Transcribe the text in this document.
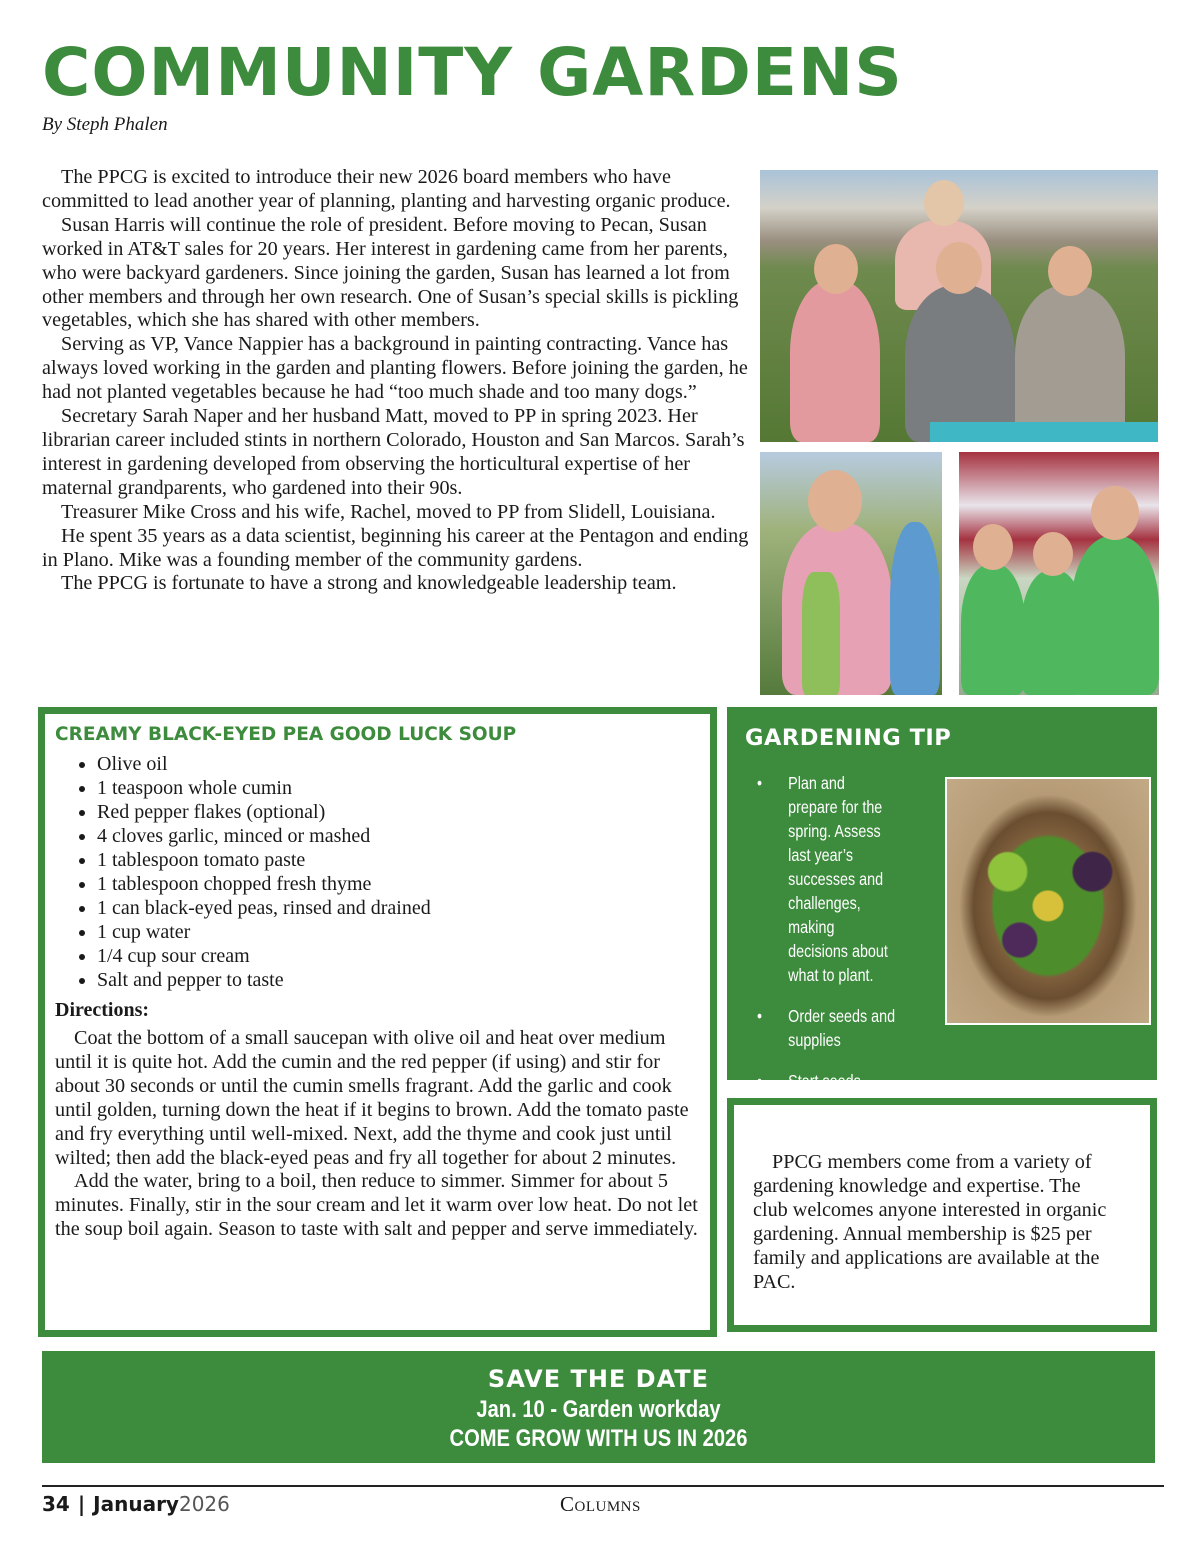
COMMUNITY GARDENS
By Steph Phalen

The PPCG is excited to introduce their new 2026 board members who have committed to lead another year of planning, planting and harvesting organic produce.

Susan Harris will continue the role of president. Before moving to Pecan, Susan worked in AT&T sales for 20 years. Her interest in gardening came from her parents, who were backyard gardeners. Since joining the garden, Susan has learned a lot from other members and through her own research. One of Susan’s special skills is pickling vegetables, which she has shared with other members.

Serving as VP, Vance Nappier has a background in painting contracting. Vance has always loved working in the garden and planting flowers. Before joining the garden, he had not planted vegetables because he had “too much shade and too many dogs.”

Secretary Sarah Naper and her husband Matt, moved to PP in spring 2023. Her librarian career included stints in northern Colorado, Houston and San Marcos. Sarah’s interest in gardening developed from observing the horticultural expertise of her maternal grandparents, who gardened into their 90s.

Treasurer Mike Cross and his wife, Rachel, moved to PP from Slidell, Louisiana.

He spent 35 years as a data scientist, beginning his career at the Pentagon and ending in Plano. Mike was a founding member of the community gardens.

The PPCG is fortunate to have a strong and knowledgeable leadership team.

CREAMY BLACK-EYED PEA GOOD LUCK SOUP
• Olive oil
• 1 teaspoon whole cumin
• Red pepper flakes (optional)
• 4 cloves garlic, minced or mashed
• 1 tablespoon tomato paste
• 1 tablespoon chopped fresh thyme
• 1 can black-eyed peas, rinsed and drained
• 1 cup water
• 1/4 cup sour cream
• Salt and pepper to taste

Directions:

Coat the bottom of a small saucepan with olive oil and heat over medium until it is quite hot. Add the cumin and the red pepper (if using) and stir for about 30 seconds or until the cumin smells fragrant. Add the garlic and cook until golden, turning down the heat if it begins to brown. Add the tomato paste and fry everything until well-mixed. Next, add the thyme and cook just until wilted; then add the black-eyed peas and fry all together for about 2 minutes.

Add the water, bring to a boil, then reduce to simmer. Simmer for about 5 minutes. Finally, stir in the sour cream and let it warm over low heat. Do not let the soup boil again. Season to taste with salt and pepper and serve immediately.

GARDENING TIP
• Plan and prepare for the spring. Assess last year’s successes and challenges, making decisions about what to plant.
• Order seeds and supplies
• Start seeds

PPCG members come from a variety of gardening knowledge and expertise. The club welcomes anyone interested in organic gardening. Annual membership is $25 per family and applications are available at the PAC.

SAVE THE DATE
Jan. 10 - Garden workday
COME GROW WITH US IN 2026
34 | January2026	Columns
